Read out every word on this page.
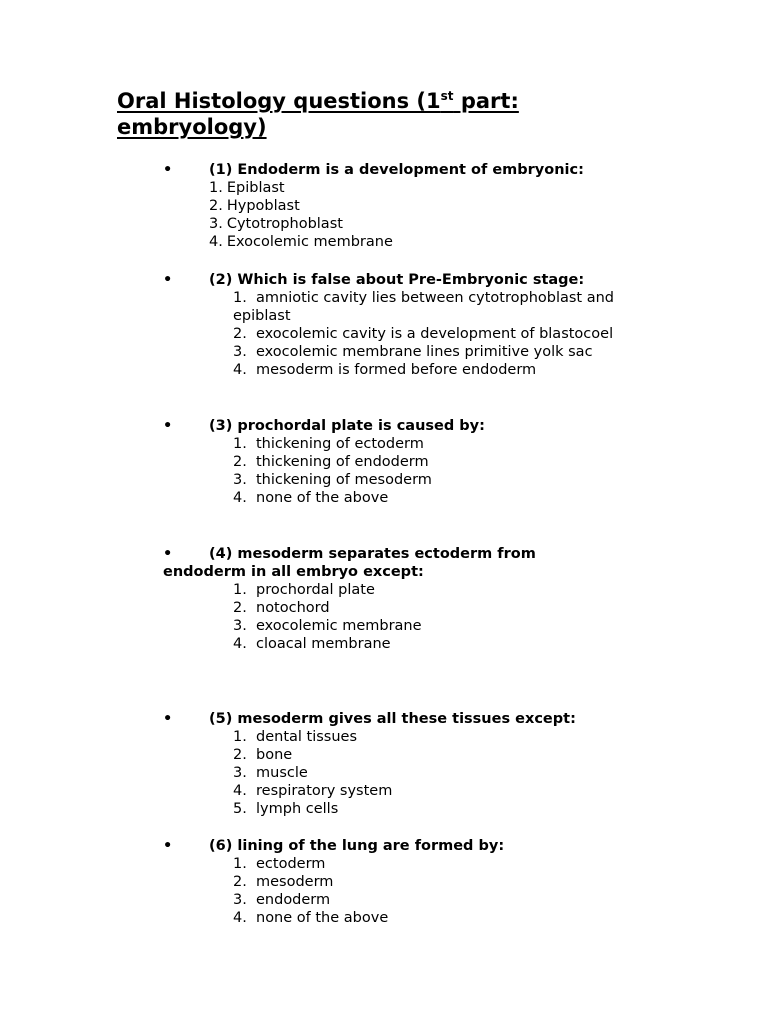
Oral Histology questions (1st part:
embryology)
•	(1) Endoderm is a development of embryonic:
1. Epiblast
2. Hypoblast
3. Cytotrophoblast
4. Exocolemic membrane
•	(2) Which is false about Pre-Embryonic stage:
1. amniotic cavity lies between cytotrophoblast and epiblast
2. exocolemic cavity is a development of blastocoel
3. exocolemic membrane lines primitive yolk sac
4. mesoderm is formed before endoderm
•	(3) prochordal plate is caused by:
1. thickening of ectoderm
2. thickening of endoderm
3. thickening of mesoderm
4. none of the above
•	(4) mesoderm separates ectoderm from endoderm in all embryo except:
1. prochordal plate
2. notochord
3. exocolemic membrane
4. cloacal membrane
•	(5) mesoderm gives all these tissues except:
1. dental tissues
2. bone
3. muscle
4. respiratory system
5. lymph cells
•	(6) lining of the lung are formed by:
1. ectoderm
2. mesoderm
3. endoderm
4. none of the above
